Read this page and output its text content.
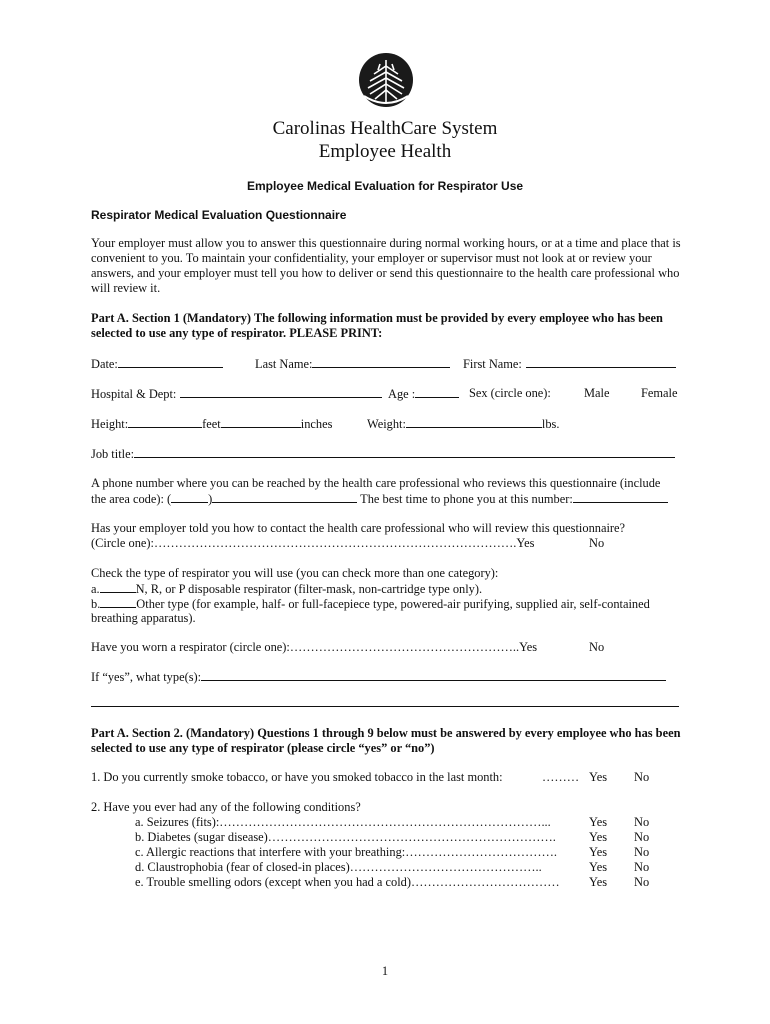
Carolinas HealthCare System
Employee Health
Employee Medical Evaluation for Respirator Use
Respirator Medical Evaluation Questionnaire
Your employer must allow you to answer this questionnaire during normal working hours, or at a time and place that is convenient to you. To maintain your confidentiality, your employer or supervisor must not look at or review your answers, and your employer must tell you how to deliver or send this questionnaire to the health care professional who will review it.
Part A. Section 1 (Mandatory) The following information must be provided by every employee who has been selected to use any type of respirator. PLEASE PRINT:
Date:	Last Name:	First Name:
Hospital & Dept:	Age :	Sex (circle one):	Male	Female
Height:	feet	inches	Weight:	lbs.
Job title:
A phone number where you can be reached by the health care professional who reviews this questionnaire (include
the area code): (	)	The best time to phone you at this number:
Has your employer told you how to contact the health care professional who will review this questionnaire?
(Circle one):…………………………………………………………………………….Yes	No
Check the type of respirator you will use (you can check more than one category):
a.	N, R, or P disposable respirator (filter-mask, non-cartridge type only).
b.	Other type (for example, half- or full-facepiece type, powered-air purifying, supplied air, self-contained
breathing apparatus).
Have you worn a respirator (circle one):………………………………………………..Yes	No
If “yes”, what type(s):
Part A. Section 2. (Mandatory) Questions 1 through 9 below must be answered by every employee who has been selected to use any type of respirator (please circle “yes” or “no”)
1. Do you currently smoke tobacco, or have you smoked tobacco in the last month:	……… Yes No
2. Have you ever had any of the following conditions?
a. Seizures (fits):……………………………………………………………………...	Yes No
b. Diabetes (sugar disease)…………………………………………………………….	Yes No
c. Allergic reactions that interfere with your breathing:……………………………….	Yes No
d. Claustrophobia (fear of closed-in places)………………………………………..	Yes No
e. Trouble smelling odors (except when you had a cold)……………………………… Yes No
1
